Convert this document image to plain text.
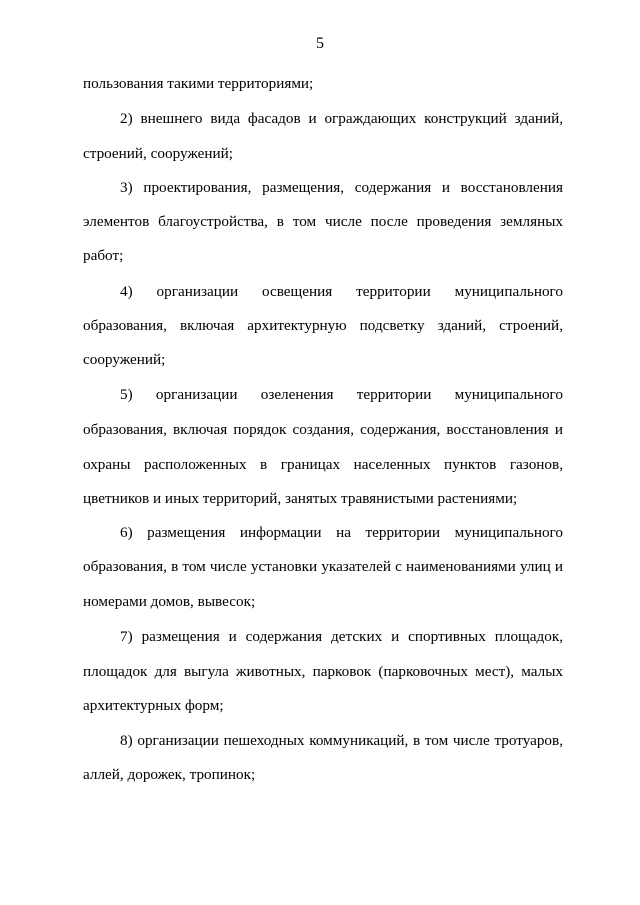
5
пользования такими территориями;
2) внешнего вида фасадов и ограждающих конструкций зданий,
строений, сооружений;
3) проектирования, размещения, содержания и восстановления
элементов благоустройства, в том числе после проведения земляных
работ;
4) организации освещения территории муниципального
образования, включая архитектурную подсветку зданий, строений,
сооружений;
5) организации озеленения территории муниципального
образования, включая порядок создания, содержания, восстановления и
охраны расположенных в границах населенных пунктов газонов,
цветников и иных территорий, занятых травянистыми растениями;
6) размещения информации на территории муниципального
образования, в том числе установки указателей с наименованиями улиц и
номерами домов, вывесок;
7) размещения и содержания детских и спортивных площадок,
площадок для выгула животных, парковок (парковочных мест), малых
архитектурных форм;
8) организации пешеходных коммуникаций, в том числе тротуаров,
аллей, дорожек, тропинок;
